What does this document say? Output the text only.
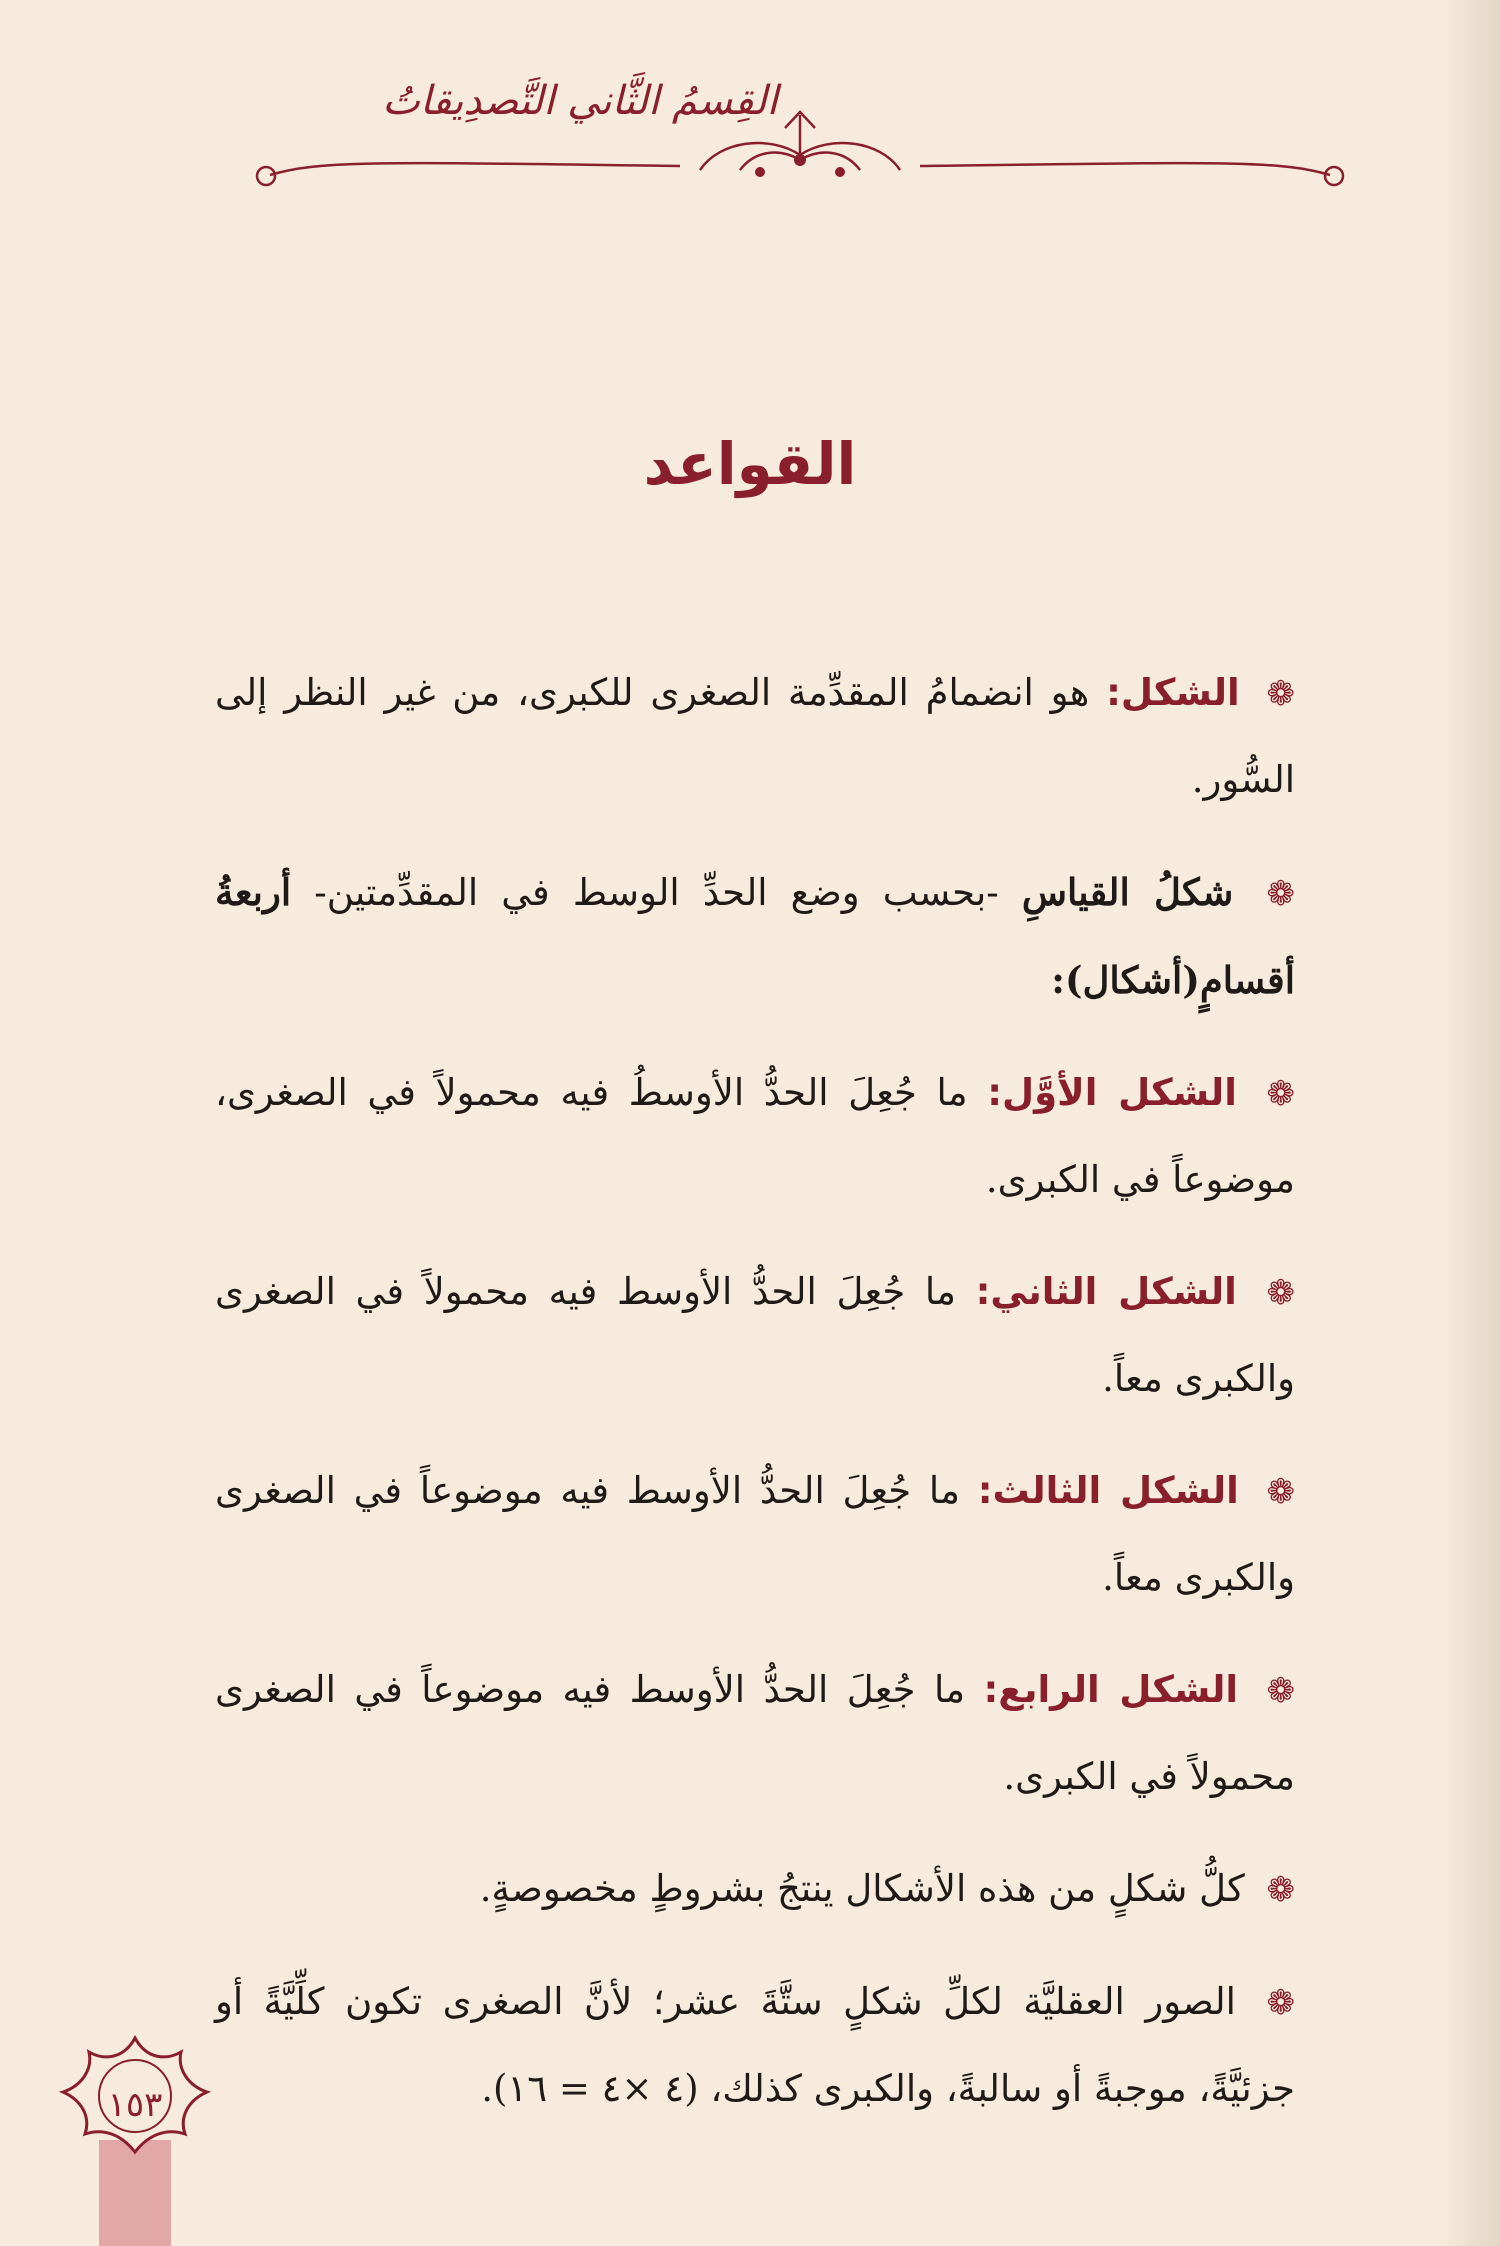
القِسمُ الثَّاني التَّصدِيقاتُ
القواعد

❁ الشكل: هو انضمامُ المقدِّمة الصغرى للكبرى، من غير النظر إلى السُّور.

❁ شكلُ القياسِ -بحسب وضع الحدِّ الوسط في المقدِّمتين- أربعةُ أقسامٍ(أشكال):

❁ الشكل الأوَّل: ما جُعِلَ الحدُّ الأوسطُ فيه محمولاً في الصغرى، موضوعاً في الكبرى.

❁ الشكل الثاني: ما جُعِلَ الحدُّ الأوسط فيه محمولاً في الصغرى والكبرى معاً.

❁ الشكل الثالث: ما جُعِلَ الحدُّ الأوسط فيه موضوعاً في الصغرى والكبرى معاً.

❁ الشكل الرابع: ما جُعِلَ الحدُّ الأوسط فيه موضوعاً في الصغرى محمولاً في الكبرى.

❁ كلُّ شكلٍ من هذه الأشكال ينتجُ بشروطٍ مخصوصةٍ.

❁ الصور العقليَّة لكلِّ شكلٍ ستَّةَ عشر؛ لأنَّ الصغرى تكون كلِّيَّةً أو جزئيَّةً، موجبةً أو سالبةً، والكبرى كذلك، (٤ ×٤ = ١٦).

١٥٣
